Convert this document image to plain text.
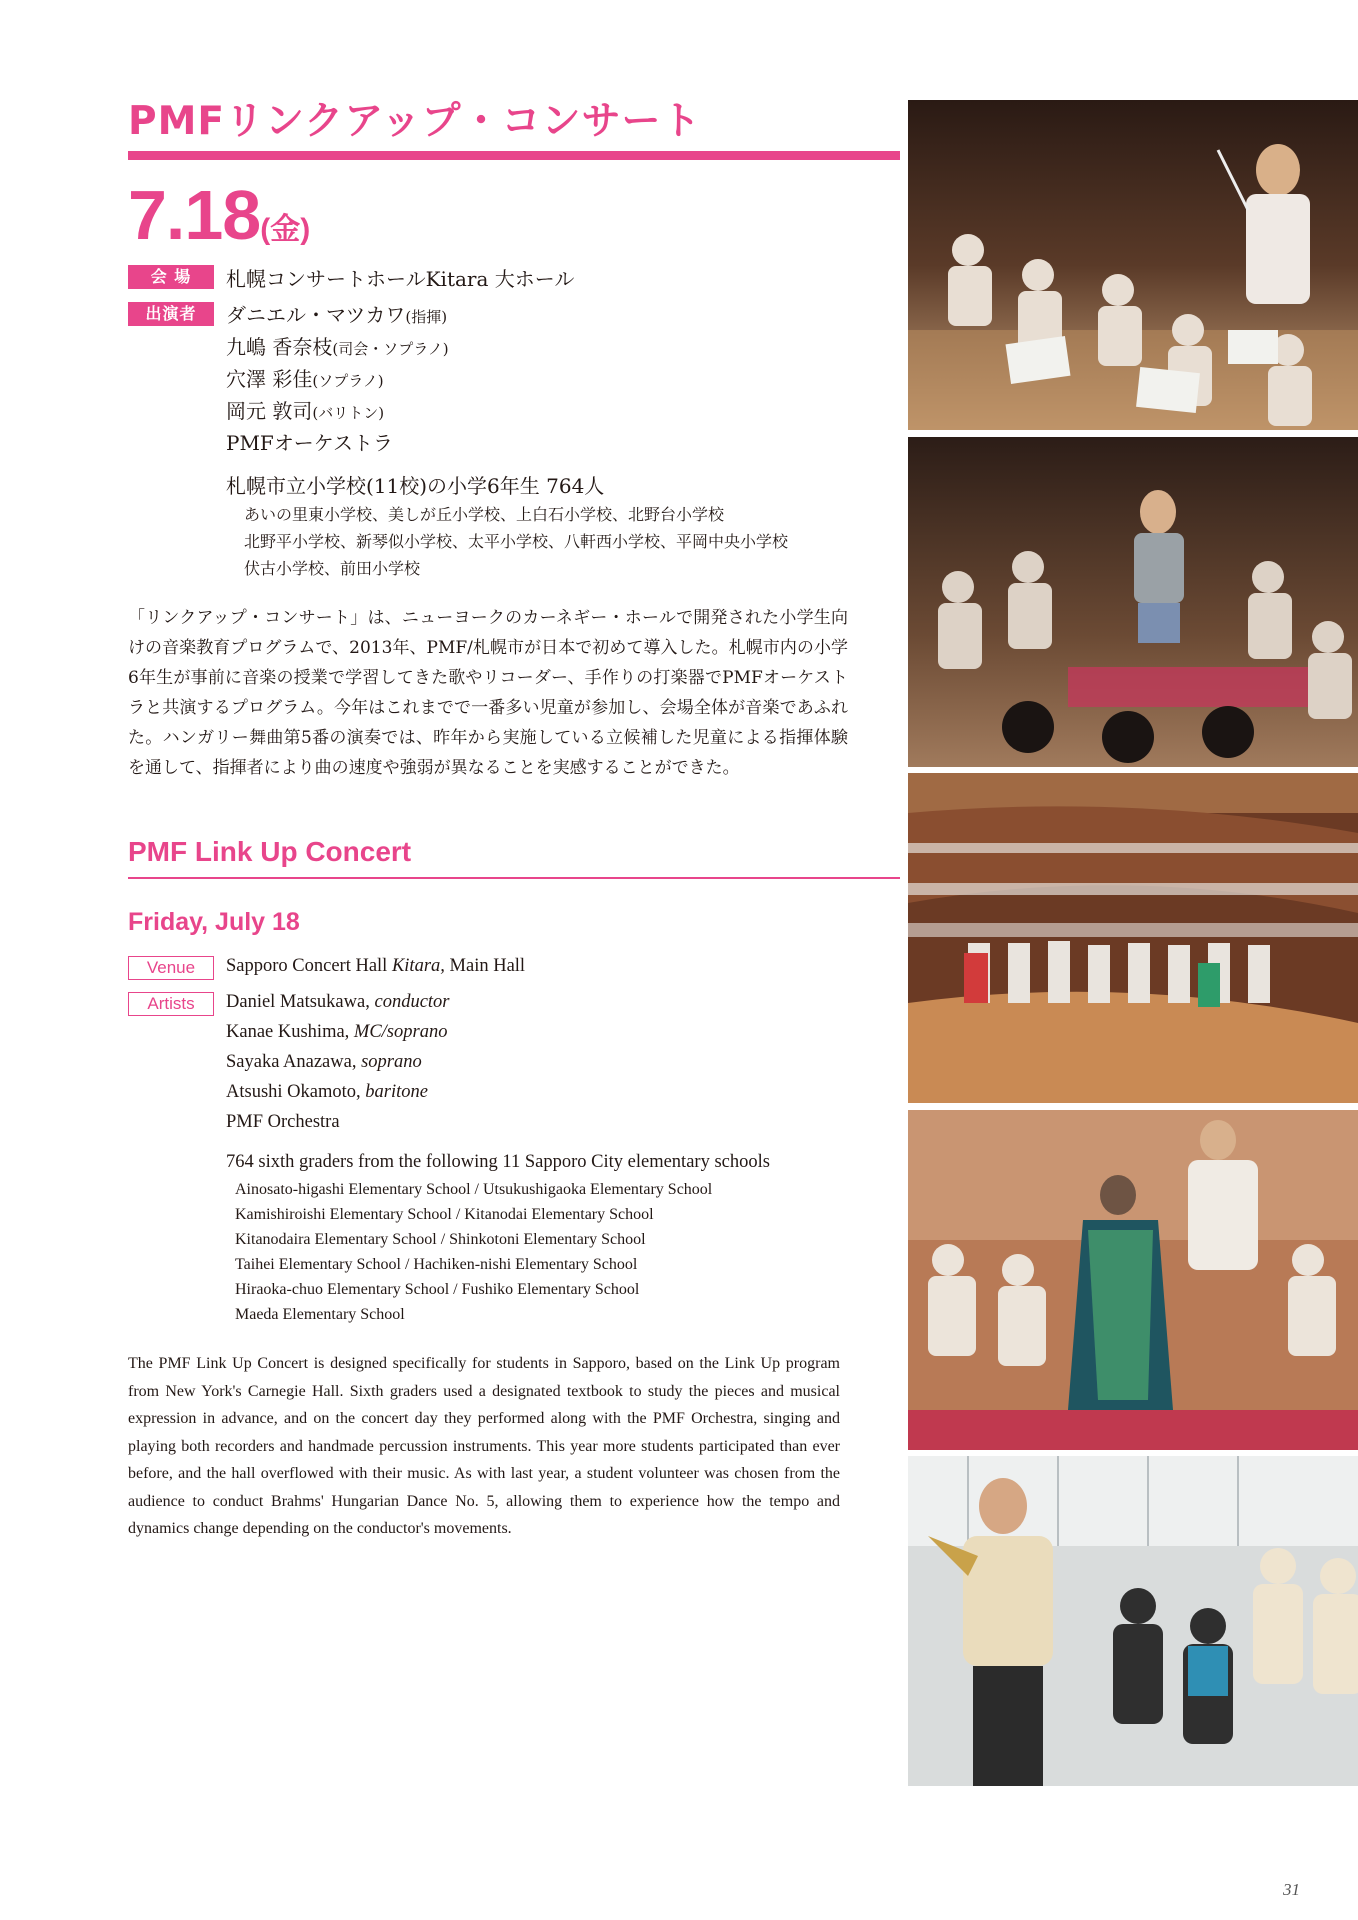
PMFリンクアップ・コンサート
7.18(金)
会 場	札幌コンサートホールKitara 大ホール
出演者	ダニエル・マツカワ(指揮)
九嶋 香奈枝(司会・ソプラノ)
穴澤 彩佳(ソプラノ)
岡元 敦司(バリトン)
PMFオーケストラ
札幌市立小学校(11校)の小学6年生 764人
あいの里東小学校、美しが丘小学校、上白石小学校、北野台小学校
北野平小学校、新琴似小学校、太平小学校、八軒西小学校、平岡中央小学校
伏古小学校、前田小学校

「リンクアップ・コンサート」は、ニューヨークのカーネギー・ホールで開発された小学生向けの音楽教育プログラムで、2013年、PMF/札幌市が日本で初めて導入した。札幌市内の小学6年生が事前に音楽の授業で学習してきた歌やリコーダー、手作りの打楽器でPMFオーケストラと共演するプログラム。今年はこれまでで一番多い児童が参加し、会場全体が音楽であふれた。ハンガリー舞曲第5番の演奏では、昨年から実施している立候補した児童による指揮体験を通して、指揮者により曲の速度や強弱が異なることを実感することができた。

PMF Link Up Concert
Friday, July 18
Venue	Sapporo Concert Hall Kitara, Main Hall
Artists	Daniel Matsukawa, conductor
Kanae Kushima, MC/soprano
Sayaka Anazawa, soprano
Atsushi Okamoto, baritone
PMF Orchestra
764 sixth graders from the following 11 Sapporo City elementary schools
Ainosato-higashi Elementary School / Utsukushigaoka Elementary School
Kamishiroishi Elementary School / Kitanodai Elementary School
Kitanodaira Elementary School / Shinkotoni Elementary School
Taihei Elementary School / Hachiken-nishi Elementary School
Hiraoka-chuo Elementary School / Fushiko Elementary School
Maeda Elementary School

The PMF Link Up Concert is designed specifically for students in Sapporo, based on the Link Up program from New York's Carnegie Hall. Sixth graders used a designated textbook to study the pieces and musical expression in advance, and on the concert day they performed along with the PMF Orchestra, singing and playing both recorders and handmade percussion instruments. This year more students participated than ever before, and the hall overflowed with their music. As with last year, a student volunteer was chosen from the audience to conduct Brahms' Hungarian Dance No. 5, allowing them to experience how the tempo and dynamics change depending on the conductor's movements.

31
